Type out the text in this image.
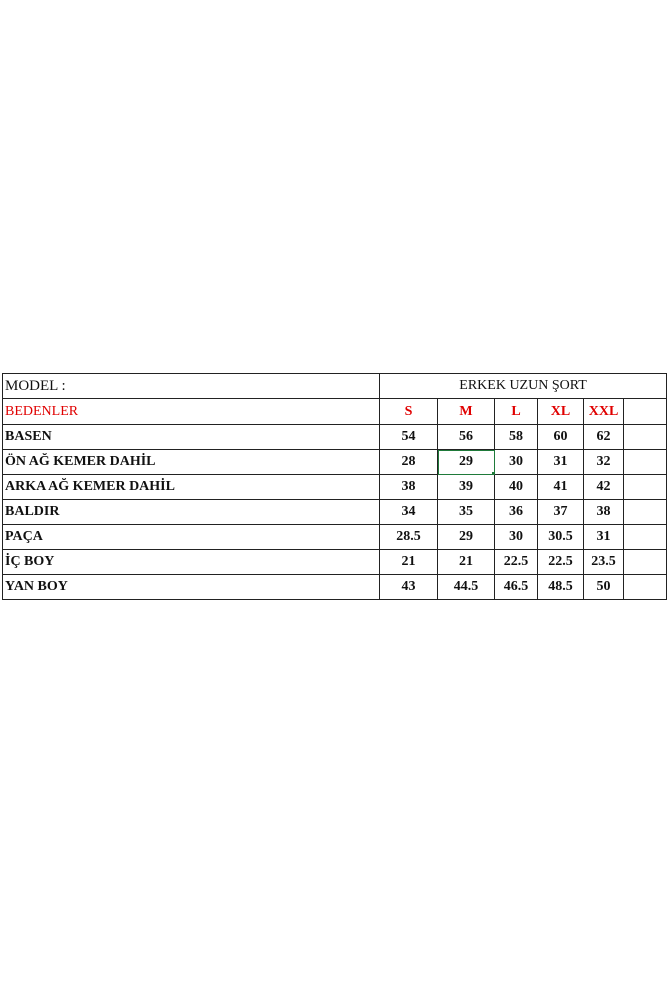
MODEL :	ERKEK UZUN ŞORT					
BEDENLER	S	M	L	XL	XXL	
BASEN	54	56	58	60	62	
ÖN AĞ KEMER DAHİL	28	29	30	31	32	
ARKA AĞ KEMER DAHİL	38	39	40	41	42	
BALDIR	34	35	36	37	38	
PAÇA	28.5	29	30	30.5	31	
İÇ BOY	21	21	22.5	22.5	23.5	
YAN BOY	43	44.5	46.5	48.5	50	
